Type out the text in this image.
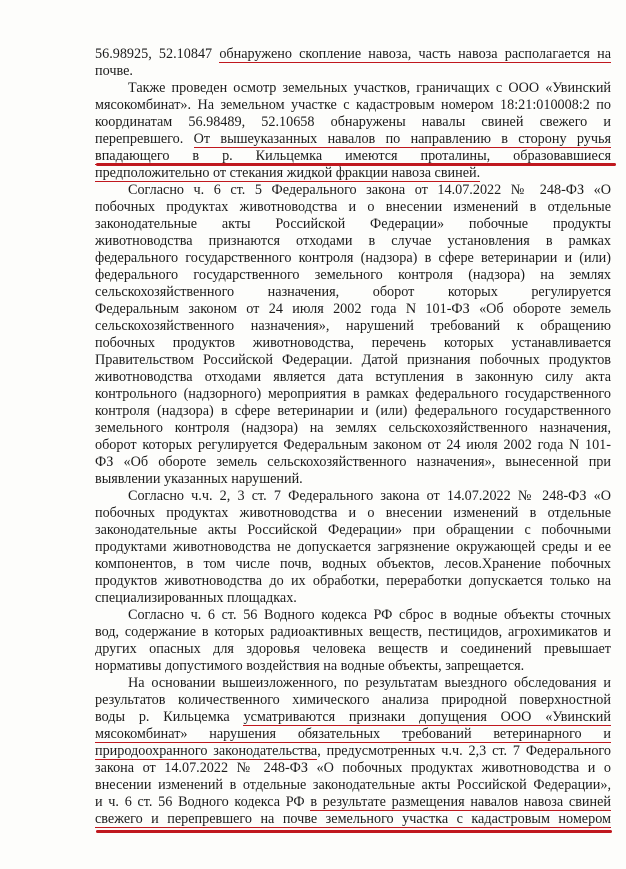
56.98925, 52.10847 обнаружено скопление навоза, часть навоза располагается на
почве.
Также проведен осмотр земельных участков, граничащих с ООО «Увинский
мясокомбинат». На земельном участке с кадастровым номером 18:21:010008:2 по
координатам 56.98489, 52.10658 обнаружены навалы свиней свежего и
перепревшего. От вышеуказанных навалов по направлению в сторону ручья
впадающего в р. Кильцемка имеются проталины, образовавшиеся
предположительно от стекания жидкой фракции навоза свиней.
Согласно ч. 6 ст. 5 Федерального закона от 14.07.2022 № 248-ФЗ «О
побочных продуктах животноводства и о внесении изменений в отдельные
законодательные акты Российской Федерации» побочные продукты
животноводства признаются отходами в случае установления в рамках
федерального государственного контроля (надзора) в сфере ветеринарии и (или)
федерального государственного земельного контроля (надзора) на землях
сельскохозяйственного назначения, оборот которых регулируется
Федеральным законом от 24 июля 2002 года N 101-ФЗ «Об обороте земель
сельскохозяйственного назначения», нарушений требований к обращению
побочных продуктов животноводства, перечень которых устанавливается
Правительством Российской Федерации. Датой признания побочных продуктов
животноводства отходами является дата вступления в законную силу акта
контрольного (надзорного) мероприятия в рамках федерального государственного
контроля (надзора) в сфере ветеринарии и (или) федерального государственного
земельного контроля (надзора) на землях сельскохозяйственного назначения,
оборот которых регулируется Федеральным законом от 24 июля 2002 года N 101-
ФЗ «Об обороте земель сельскохозяйственного назначения», вынесенной при
выявлении указанных нарушений.
Согласно ч.ч. 2, 3 ст. 7 Федерального закона от 14.07.2022 № 248-ФЗ «О
побочных продуктах животноводства и о внесении изменений в отдельные
законодательные акты Российской Федерации» при обращении с побочными
продуктами животноводства не допускается загрязнение окружающей среды и ее
компонентов, в том числе почв, водных объектов, лесов.Хранение побочных
продуктов животноводства до их обработки, переработки допускается только на
специализированных площадках.
Согласно ч. 6 ст. 56 Водного кодекса РФ сброс в водные объекты сточных
вод, содержание в которых радиоактивных веществ, пестицидов, агрохимикатов и
других опасных для здоровья человека веществ и соединений превышает
нормативы допустимого воздействия на водные объекты, запрещается.
На основании вышеизложенного, по результатам выездного обследования и
результатов количественного химического анализа природной поверхностной
воды р. Кильцемка усматриваются признаки допущения ООО «Увинский
мясокомбинат» нарушения обязательных требований ветеринарного и
природоохранного законодательства, предусмотренных ч.ч. 2,3 ст. 7 Федерального
закона от 14.07.2022 № 248-ФЗ «О побочных продуктах животноводства и о
внесении изменений в отдельные законодательные акты Российской Федерации»,
и ч. 6 ст. 56 Водного кодекса РФ в результате размещения навалов навоза свиней
свежего и перепревшего на почве земельного участка с кадастровым номером
